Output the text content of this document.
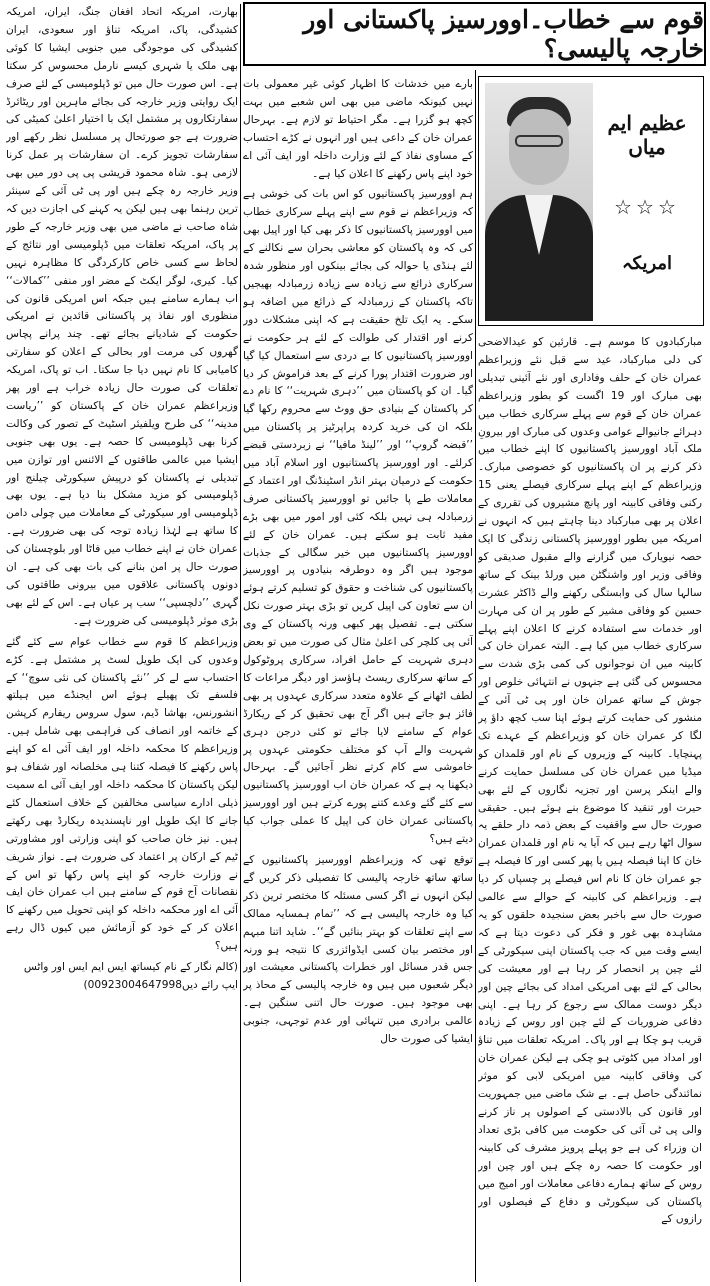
قوم سے خطاب۔اوورسیز پاکستانی اور خارجہ پالیسی؟
عظیم ایم میاں
☆☆☆
امریکہ

مبارکبادوں کا موسم ہے۔ قارئین کو عیدالاضحی کی دلی مبارکباد، عید سے قبل نئے وزیراعظم عمران خان کے حلف وفاداری اور نئے آئینی تبدیلی بھی مبارک اور 19 اگست کو بطور وزیراعظم عمران خان کے قوم سے پہلے سرکاری خطاب میں دہرائے جانیوالے عوامی وعدوں کی مبارک اور بیرونِ ملک آباد اوورسیز پاکستانیوں کا اپنے خطاب میں ذکر کرنے پر ان پاکستانیوں کو خصوصی مبارک۔ وزیراعظم کے اپنے پہلے سرکاری فیصلے یعنی 15 رکنی وفاقی کابینہ اور پانچ مشیروں کی تقرری کے اعلان پر بھی مبارکباد دینا چاہتے ہیں کہ انہوں نے امریکہ میں بطور اوورسیز پاکستانی زندگی کا ایک حصہ نیویارک میں گزارنے والے مقبول صدیقی کو وفاقی وزیر اور واشنگٹن میں ورلڈ بینک کے ساتھ سالہا سال کی وابستگی رکھنے والے ڈاکٹر عشرت حسین کو وفاقی مشیر کے طور پر ان کی مہارت اور خدمات سے استفادہ کرنے کا اعلان اپنے پہلے سرکاری خطاب میں کیا ہے۔ البتہ عمران خان کی کابینہ میں ان نوجوانوں کی کمی بڑی شدت سے محسوس کی گئی ہے جنہوں نے انتہائی خلوص اور جوش کے ساتھ عمران خان اور پی ٹی آئی کے منشور کی حمایت کرتے ہوئے اپنا سب کچھ داؤ پر لگا کر عمران خان کو وزیراعظم کے عہدے تک پہنچایا۔ کابینہ کے وزیروں کے نام اور قلمدان کو میڈیا میں عمران خان کی مسلسل حمایت کرنے والے اینکر پرسن اور تجزیہ نگاروں کے لئے بھی حیرت اور تنقید کا موضوع بنے ہوئے ہیں۔ حقیقی صورت حال سے واقفیت کے بعض ذمہ دار حلقے یہ سوال اٹھا رہے ہیں کہ آیا یہ نام اور قلمدان عمران خان کا اپنا فیصلہ ہیں یا پھر کسی اور کا فیصلہ ہے جو عمران خان کا نام اس فیصلے پر چسپاں کر دیا ہے۔ وزیراعظم کی کابینہ کے حوالے سے عالمی صورت حال سے باخبر بعض سنجیدہ حلقوں کو یہ مشاہدہ بھی غور و فکر کی دعوت دیتا ہے کہ ایسے وقت میں کہ جب پاکستان اپنی سیکورٹی کے لئے چین پر انحصار کر رہا ہے اور معیشت کی بحالی کے لئے بھی امریکی امداد کی بجائے چین اور دیگر دوست ممالک سے رجوع کر رہا ہے۔ اپنی دفاعی ضروریات کے لئے چین اور روس کے زیادہ قریب ہو چکا ہے اور پاک۔ امریکہ تعلقات میں تناؤ اور امداد میں کٹوتی ہو چکی ہے لیکن عمران خان کی وفاقی کابینہ میں امریکی لابی کو موثر نمائندگی حاصل ہے۔ بے شک ماضی میں جمہوریت اور قانون کی بالادستی کے اصولوں پر ناز کرنے والی پی ٹی آئی کی حکومت میں کافی بڑی تعداد ان وزراء کی ہے جو پہلے پرویز مشرف کی کابینہ اور حکومت کا حصہ رہ چکے ہیں اور چین اور روس کے ساتھ ہمارے دفاعی معاملات اور امیج میں پاکستان کی سیکورٹی و دفاع کے فیصلوں اور رازوں کے

بارے میں خدشات کا اظہار کوئی غیر معمولی بات نہیں کیونکہ ماضی میں بھی اس شعبے میں بہت کچھ ہو گزرا ہے۔ مگر احتیاط تو لازم ہے۔ بہرحال عمران خان کے داعی ہیں اور انہوں نے کڑے احتساب کے مساوی نفاذ کے لئے وزارت داخلہ اور ایف آئی اے خود اپنے پاس رکھنے کا اعلان کیا ہے۔

ہم اوورسیز پاکستانیوں کو اس بات کی خوشی ہے کہ وزیراعظم نے قوم سے اپنے پہلے سرکاری خطاب میں اوورسیز پاکستانیوں کا ذکر بھی کیا اور اپیل بھی کی کہ وہ پاکستان کو معاشی بحران سے نکالنے کے لئے ہنڈی یا حوالہ کی بجائے بینکوں اور منظور شدہ سرکاری ذرائع سے زیادہ سے زیادہ زرمبادلہ بھیجیں تاکہ پاکستان کے زرمبادلہ کے ذرائع میں اضافہ ہو سکے۔ یہ ایک تلخ حقیقت ہے کہ اپنی مشکلات دور کرنے اور اقتدار کی طوالت کے لئے ہر حکومت نے اوورسیز پاکستانیوں کا بے دردی سے استعمال کیا گیا اور ضرورت اقتدار پورا کرنے کے بعد فراموش کر دیا گیا۔ ان کو پاکستان میں ’’دہری شہریت‘‘ کا نام دے کر پاکستان کے بنیادی حق ووٹ سے محروم رکھا گیا بلکہ ان کی خرید کردہ پراپرٹیز پر پاکستان میں ’’قبضہ گروپ‘‘ اور ’’لینڈ مافیا‘‘ نے زبردستی قبضے کرلئے۔ اور اوورسیز پاکستانیوں اور اسلام آباد میں حکومت کے درمیان بہتر انڈر اسٹینڈنگ اور اعتماد کے معاملات طے پا جائیں تو اوورسیز پاکستانی صرف زرمبادلہ ہی نہیں بلکہ کئی اور امور میں بھی بڑے مفید ثابت ہو سکتے ہیں۔ عمران خان کے لئے اوورسیز پاکستانیوں میں خیر سگالی کے جذبات موجود ہیں اگر وہ دوطرفہ بنیادوں پر اوورسیز پاکستانیوں کی شناخت و حقوق کو تسلیم کرتے ہوئے ان سے تعاون کی اپیل کریں تو بڑی بہتر صورت نکل سکتی ہے۔ تفصیل پھر کبھی ورنہ پاکستان کے وی آئی پی کلچر کی اعلیٰ مثال کی صورت میں تو بعض دہری شہریت کے حامل افراد، سرکاری پروٹوکول کے ساتھ سرکاری ریسٹ ہاؤسز اور دیگر مراعات کا لطف اٹھانے کے علاوہ متعدد سرکاری عہدوں پر بھی فائز ہو جاتے ہیں اگر آج بھی تحقیق کر کے ریکارڈ عوام کے سامنے لایا جائے تو کئی درجن دہری شہریت والے آپ کو مختلف حکومتی عہدوں پر خاموشی سے کام کرتے نظر آجائیں گے۔ بہرحال دیکھنا یہ ہے کہ عمران خان اب اوورسیز پاکستانیوں سے کئے گئے وعدے کتنے پورے کرتے ہیں اور اوورسیز پاکستانی عمران خان کی اپیل کا عملی جواب کیا دیتے ہیں؟

توقع تھی کہ وزیراعظم اوورسیز پاکستانیوں کے ساتھ ساتھ خارجہ پالیسی کا تفصیلی ذکر کریں گے لیکن انہوں نے اگر کسی مسئلہ کا مختصر ترین ذکر کیا وہ خارجہ پالیسی ہے کہ ’’تمام ہمسایہ ممالک سے اپنے تعلقات کو بہتر بنائیں گے‘‘۔ شاید اتنا مبہم اور مختصر بیان کسی ایڈوائزری کا نتیجہ ہو ورنہ جس قدر مسائل اور خطرات پاکستانی معیشت اور دیگر شعبوں میں ہیں وہ خارجہ پالیسی کے محاذ پر بھی موجود ہیں۔ صورت حال اتنی سنگین ہے۔ عالمی برادری میں تنہائی اور عدم توجہی، جنوبی ایشیا کی صورت حال

بھارت، امریکہ اتحاد افغان جنگ، ایران، امریکہ کشیدگی، پاک، امریکہ تناؤ اور سعودی، ایران کشیدگی کی موجودگی میں جنوبی ایشیا کا کوئی بھی ملک یا شہری کیسے نارمل محسوس کر سکتا ہے۔ اس صورت حال میں تو ڈپلومیسی کے لئے صرف ایک روایتی وزیر خارجہ کی بجائے ماہرین اور ریٹائرڈ سفارتکاروں پر مشتمل ایک با اختیار اعلیٰ کمیٹی کی ضرورت ہے جو صورتحال پر مسلسل نظر رکھے اور سفارشات تجویز کرے۔ ان سفارشات پر عمل کرنا لازمی ہو۔ شاہ محمود قریشی پی پی دور میں بھی وزیر خارجہ رہ چکے ہیں اور پی ٹی آئی کے سینئر ترین رہنما بھی ہیں لیکن یہ کہنے کی اجازت دیں کہ شاہ صاحب نے ماضی میں بھی وزیر خارجہ کے طور پر پاک، امریکہ تعلقات میں ڈپلومیسی اور نتائج کے لحاظ سے کسی خاص کارکردگی کا مظاہرہ نہیں کیا۔ کیری، لوگر ایکٹ کے مضر اور منفی ’’کمالات‘‘ اب ہمارے سامنے ہیں جبکہ اس امریکی قانون کی منظوری اور نفاذ پر پاکستانی قائدین نے امریکی حکومت کے شادیانے بجائے تھے۔ چند پرانے پچاس گھروں کی مرمت اور بحالی کے اعلان کو سفارتی کامیابی کا نام نہیں دیا جا سکتا۔ اب تو پاک، امریکہ تعلقات کی صورت حال زیادہ خراب ہے اور پھر وزیراعظم عمران خان کے پاکستان کو ’’ریاست مدینہ‘‘ کی طرح ویلفیئر اسٹیٹ کے تصور کی وکالت کرنا بھی ڈپلومیسی کا حصہ ہے۔ یوں بھی جنوبی ایشیا میں عالمی طاقتوں کے الائنس اور توازن میں تبدیلی نے پاکستان کو درپیش سیکورٹی چیلنج اور ڈپلومیسی کو مزید مشکل بنا دیا ہے۔ یوں بھی ڈپلومیسی اور سیکورٹی کے معاملات میں چولی دامن کا ساتھ ہے لہٰذا زیادہ توجہ کی بھی ضرورت ہے۔ عمران خان نے اپنے خطاب میں فاٹا اور بلوچستان کی صورت حال پر امن بنانے کی بات بھی کی ہے۔ ان دونوں پاکستانی علاقوں میں بیرونی طاقتوں کی گہری ’’دلچسپی‘‘ سب پر عیاں ہے۔ اس کے لئے بھی بڑی موثر ڈپلومیسی کی ضرورت ہے۔

وزیراعظم کا قوم سے خطاب عوام سے کئے گئے وعدوں کی ایک طویل لسٹ پر مشتمل ہے۔ کڑے احتساب سے لے کر ’’نئے پاکستان کی نئی سوچ‘‘ کے فلسفے تک پھیلے ہوئے اس ایجنڈے میں ہیلتھ انشورنس، بھاشا ڈیم، سول سروس ریفارم کرپشن کے خاتمہ اور انصاف کی فراہمی بھی شامل ہیں۔ وزیراعظم کا محکمہ داخلہ اور ایف آئی اے کو اپنے پاس رکھنے کا فیصلہ کتنا ہی مخلصانہ اور شفاف ہو لیکن پاکستان کا محکمہ داخلہ اور ایف آئی اے سمیت ذیلی ادارے سیاسی مخالفین کے خلاف استعمال کئے جانے کا ایک طویل اور ناپسندیدہ ریکارڈ بھی رکھتے ہیں۔ نیز خان صاحب کو اپنی وزارتی اور مشاورتی ٹیم کے ارکان پر اعتماد کی ضرورت ہے۔ نواز شریف نے وزارت خارجہ کو اپنے پاس رکھا تو اس کے نقصانات آج قوم کے سامنے ہیں اب عمران خان ایف آئی اے اور محکمہ داخلہ کو اپنی تحویل میں رکھنے کا اعلان کر کے خود کو آزمائش میں کیوں ڈال رہے ہیں؟

(کالم نگار کے نام کیساتھ ایس ایم ایس اور واٹس ایپ رائے دیں00923004647998)
